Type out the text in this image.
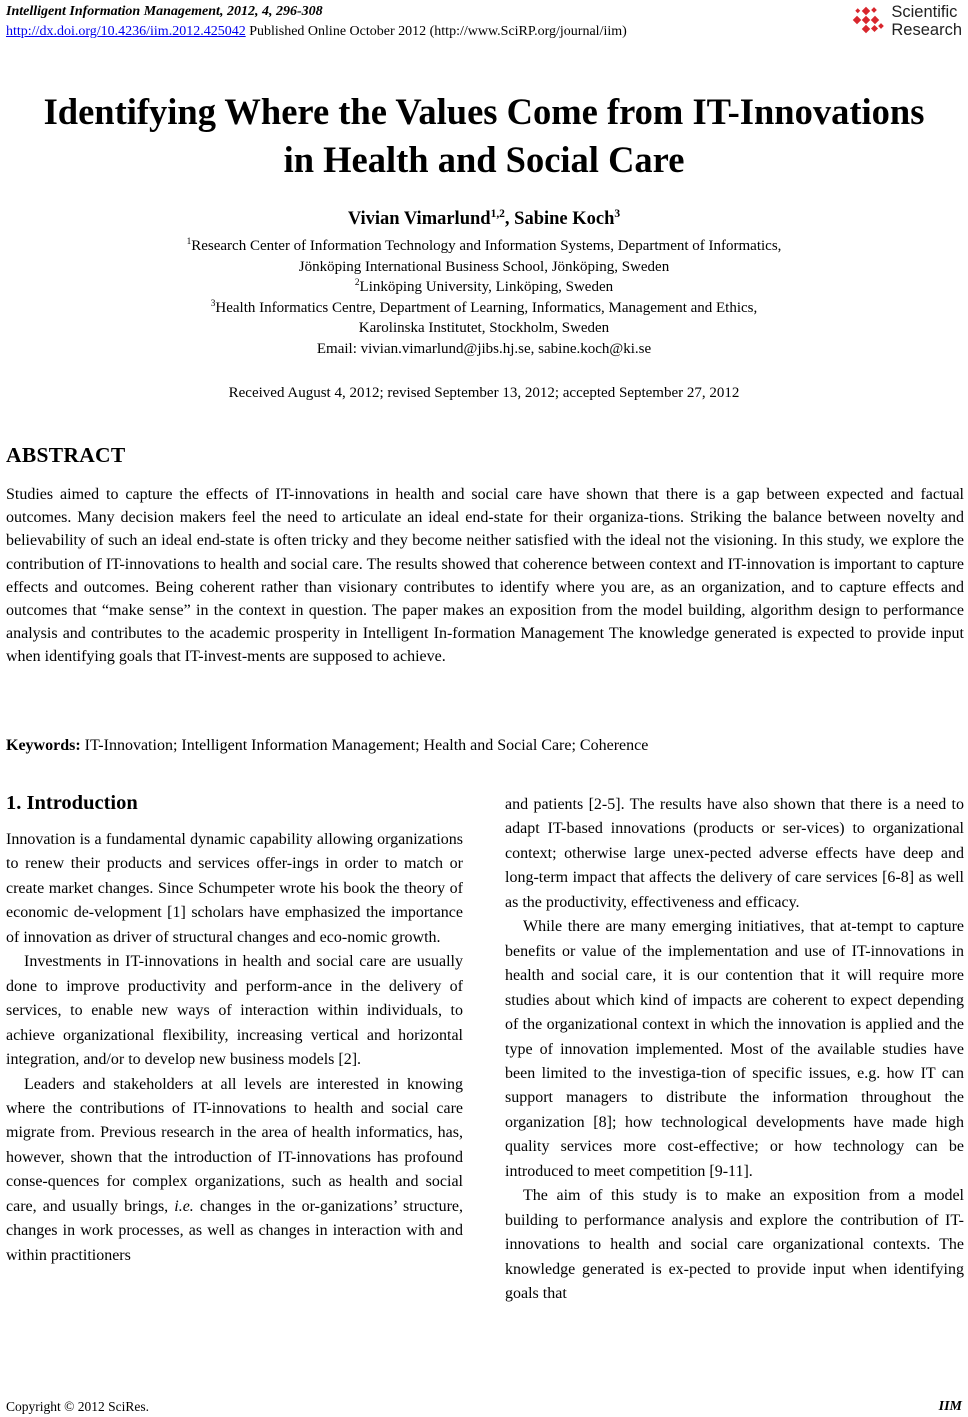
Intelligent Information Management, 2012, 4, 296-308
http://dx.doi.org/10.4236/iim.2012.425042 Published Online October 2012 (http://www.SciRP.org/journal/iim)
Scientific
Research
Identifying Where the Values Come from IT-Innovations
in Health and Social Care
Vivian Vimarlund$^{1,2}$, Sabine Koch$^3$
$^1$Research Center of Information Technology and Information Systems, Department of Informatics,
Jönköping International Business School, Jönköping, Sweden
$^2$Linköping University, Linköping, Sweden
$^3$Health Informatics Centre, Department of Learning, Informatics, Management and Ethics,
Karolinska Institutet, Stockholm, Sweden
Email: vivian.vimarlund@jibs.hj.se, sabine.koch@ki.se
Received August 4, 2012; revised September 13, 2012; accepted September 27, 2012
ABSTRACT
Studies aimed to capture the effects of IT-innovations in health and social care have shown that there is a gap between expected and factual outcomes. Many decision makers feel the need to articulate an ideal end-state for their organiza-tions. Striking the balance between novelty and believability of such an ideal end-state is often tricky and they become neither satisfied with the ideal not the visioning. In this study, we explore the contribution of IT-innovations to health and social care. The results showed that coherence between context and IT-innovation is important to capture effects and outcomes. Being coherent rather than visionary contributes to identify where you are, as an organization, and to capture effects and outcomes that “make sense” in the context in question. The paper makes an exposition from the model building, algorithm design to performance analysis and contributes to the academic prosperity in Intelligent In-formation Management The knowledge generated is expected to provide input when identifying goals that IT-invest-ments are supposed to achieve.
Keywords: IT-Innovation; Intelligent Information Management; Health and Social Care; Coherence
1. Introduction

Innovation is a fundamental dynamic capability allowing organizations to renew their products and services offer-ings in order to match or create market changes. Since Schumpeter wrote his book the theory of economic de-velopment [1] scholars have emphasized the importance of innovation as driver of structural changes and eco-nomic growth.

Investments in IT-innovations in health and social care are usually done to improve productivity and perform-ance in the delivery of services, to enable new ways of interaction within individuals, to achieve organizational flexibility, increasing vertical and horizontal integration, and/or to develop new business models [2].

Leaders and stakeholders at all levels are interested in knowing where the contributions of IT-innovations to health and social care migrate from. Previous research in the area of health informatics, has, however, shown that the introduction of IT-innovations has profound conse-quences for complex organizations, such as health and social care, and usually brings, i.e. changes in the or-ganizations’ structure, changes in work processes, as well as changes in interaction with and within practitioners

and patients [2-5]. The results have also shown that there is a need to adapt IT-based innovations (products or ser-vices) to organizational context; otherwise large unex-pected adverse effects have deep and long-term impact that affects the delivery of care services [6-8] as well as the productivity, effectiveness and efficacy.

While there are many emerging initiatives, that at-tempt to capture benefits or value of the implementation and use of IT-innovations in health and social care, it is our contention that it will require more studies about which kind of impacts are coherent to expect depending of the organizational context in which the innovation is applied and the type of innovation implemented. Most of the available studies have been limited to the investiga-tion of specific issues, e.g. how IT can support managers to distribute the information throughout the organization [8]; how technological developments have made high quality services more cost-effective; or how technology can be introduced to meet competition [9-11].

The aim of this study is to make an exposition from a model building to performance analysis and explore the contribution of IT-innovations to health and social care organizational contexts. The knowledge generated is ex-pected to provide input when identifying goals that

Copyright © 2012 SciRes.	IIM
